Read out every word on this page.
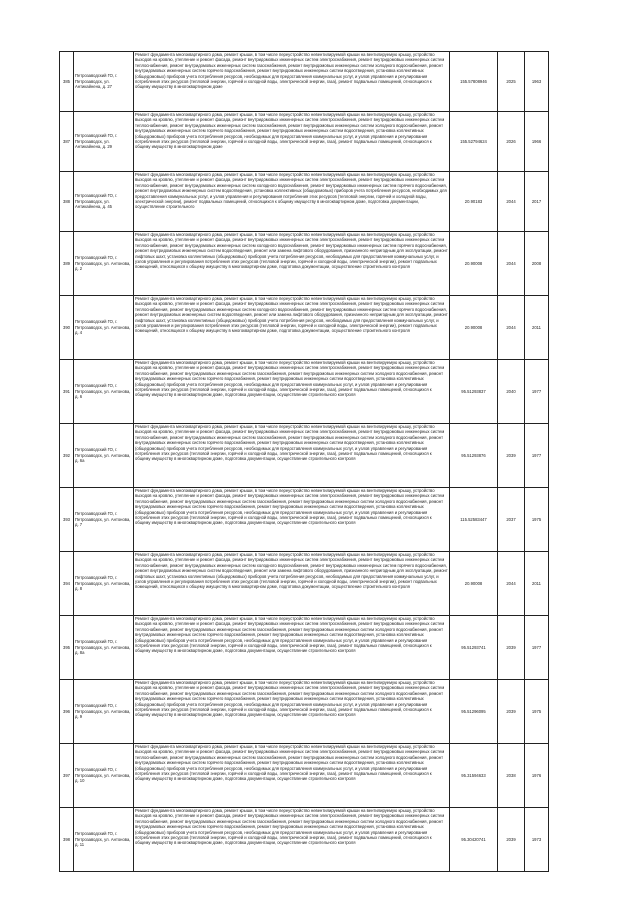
385	Петрозаводский ГО, г. Петрозаводск, ул. Антикайнена, д. 27	Ремонт фундамента многоквартирного дома, ремонт крыши, в том числе переустройство невентилируемой крыши на вентилируемую крышу, устройство выходов на кровлю, утепление и ремонт фасада, ремонт внутридомовых инженерных систем электроснабжения, ремонт внутридомовых инженерных систем теплоснабжения, ремонт внутридомовых инженерных систем газоснабжения, ремонт внутридомовых инженерных систем холодного водоснабжения, ремонт внутридомовых инженерных систем горячего водоснабжения, ремонт внутридомовых инженерных систем водоотведения, установка коллективных (общедомовых) приборов учета потребления ресурсов, необходимых для предоставления коммунальных услуг, и узлов управления и регулирования потребления этих ресурсов (тепловой энергии, горячей и холодной воды, электрической энергии, газа), ремонт подвальных помещений, относящихся к общему имуществу в многоквартирном доме	155.57808946	2025	1963
387	Петрозаводский ГО, г. Петрозаводск, ул. Антикайнена, д. 29	Ремонт фундамента многоквартирного дома, ремонт крыши, в том числе переустройство невентилируемой крыши на вентилируемую крышу, устройство выходов на кровлю, утепление и ремонт фасада, ремонт внутридомовых инженерных систем электроснабжения, ремонт внутридомовых инженерных систем теплоснабжения, ремонт внутридомовых инженерных систем газоснабжения, ремонт внутридомовых инженерных систем холодного водоснабжения, ремонт внутридомовых инженерных систем горячего водоснабжения, ремонт внутридомовых инженерных систем водоотведения, установка коллективных (общедомовых) приборов учета потребления ресурсов, необходимых для предоставления коммунальных услуг, и узлов управления и регулирования потребления этих ресурсов (тепловой энергии, горячей и холодной воды, электрической энергии, газа), ремонт подвальных помещений, относящихся к общему имуществу в многоквартирном доме	155.52794624	2026	1966
388	Петрозаводский ГО, г. Петрозаводск, ул. Антикайнена, д. 45	Ремонт фундамента многоквартирного дома, ремонт крыши, в том числе переустройство невентилируемой крыши на вентилируемую крышу, устройство выходов на кровлю, утепление и ремонт фасада, ремонт внутридомовых инженерных систем электроснабжения, ремонт внутридомовых инженерных систем теплоснабжения, ремонт внутридомовых инженерных систем холодного водоснабжения, ремонт внутридомовых инженерных систем горячего водоснабжения, ремонт внутридомовых инженерных систем водоотведения, установка коллективных (общедомовых) приборов учета потребления ресурсов, необходимых для предоставления коммунальных услуг, и узлов управления и регулирования потребления этих ресурсов (тепловой энергии, горячей и холодной воды, электрической энергии), ремонт подвальных помещений, относящихся к общему имуществу в многоквартирном доме, подготовка документации, осуществление строительного	20.90183	2044	2017
389	Петрозаводский ГО, г. Петрозаводск, ул. Антонова, д. 2	Ремонт фундамента многоквартирного дома, ремонт крыши, в том числе переустройство невентилируемой крыши на вентилируемую крышу, устройство выходов на кровлю, утепление и ремонт фасада, ремонт внутридомовых инженерных систем электроснабжения, ремонт внутридомовых инженерных систем теплоснабжения, ремонт внутридомовых инженерных систем холодного водоснабжения, ремонт внутридомовых инженерных систем горячего водоснабжения, ремонт внутридомовых инженерных систем водоотведения, ремонт или замена лифтового оборудования, признанного непригодным для эксплуатации, ремонт лифтовых шахт, установка коллективных (общедомовых) приборов учета потребления ресурсов, необходимых для предоставления коммунальных услуг, и узлов управления и регулирования потребления этих ресурсов (тепловой энергии, горячей и холодной воды, электрической энергии), ремонт подвальных помещений, относящихся к общему имуществу в многоквартирном доме, подготовка документации, осуществление строительного контроля	20.90008	2044	2008
390	Петрозаводский ГО, г. Петрозаводск, ул. Антонова, д. 4	Ремонт фундамента многоквартирного дома, ремонт крыши, в том числе переустройство невентилируемой крыши на вентилируемую крышу, устройство выходов на кровлю, утепление и ремонт фасада, ремонт внутридомовых инженерных систем электроснабжения, ремонт внутридомовых инженерных систем теплоснабжения, ремонт внутридомовых инженерных систем холодного водоснабжения, ремонт внутридомовых инженерных систем горячего водоснабжения, ремонт внутридомовых инженерных систем водоотведения, ремонт или замена лифтового оборудования, признанного непригодным для эксплуатации, ремонт лифтовых шахт, установка коллективных (общедомовых) приборов учета потребления ресурсов, необходимых для предоставления коммунальных услуг, и узлов управления и регулирования потребления этих ресурсов (тепловой энергии, горячей и холодной воды, электрической энергии), ремонт подвальных помещений, относящихся к общему имуществу в многоквартирном доме, подготовка документации, осуществление строительного контроля	20.90008	2044	2011
391	Петрозаводский ГО, г. Петрозаводск, ул. Антонова, д. 6	Ремонт фундамента многоквартирного дома, ремонт крыши, в том числе переустройство невентилируемой крыши на вентилируемую крышу, устройство выходов на кровлю, утепление и ремонт фасада, ремонт внутридомовых инженерных систем электроснабжения, ремонт внутридомовых инженерных систем теплоснабжения, ремонт внутридомовых инженерных систем газоснабжения, ремонт внутридомовых инженерных систем холодного водоснабжения, ремонт внутридомовых инженерных систем горячего водоснабжения, ремонт внутридомовых инженерных систем водоотведения, установка коллективных (общедомовых) приборов учета потребления ресурсов, необходимых для предоставления коммунальных услуг, и узлов управления и регулирования потребления этих ресурсов (тепловой энергии, горячей и холодной воды, электрической энергии, газа), ремонт подвальных помещений, относящихся к общему имуществу в многоквартирном доме, подготовка документации, осуществление строительного контроля	95.51293837	2040	1977
392	Петрозаводский ГО, г. Петрозаводск, ул. Антонова, д. 6а	Ремонт фундамента многоквартирного дома, ремонт крыши, в том числе переустройство невентилируемой крыши на вентилируемую крышу, устройство выходов на кровлю, утепление и ремонт фасада, ремонт внутридомовых инженерных систем электроснабжения, ремонт внутридомовых инженерных систем теплоснабжения, ремонт внутридомовых инженерных систем газоснабжения, ремонт внутридомовых инженерных систем холодного водоснабжения, ремонт внутридомовых инженерных систем горячего водоснабжения, ремонт внутридомовых инженерных систем водоотведения, установка коллективных (общедомовых) приборов учета потребления ресурсов, необходимых для предоставления коммунальных услуг, и узлов управления и регулирования потребления этих ресурсов (тепловой энергии, горячей и холодной воды, электрической энергии, газа), ремонт подвальных помещений, относящихся к общему имуществу в многоквартирном доме, подготовка документации, осуществление строительного контроля	95.51293876	2039	1977
393	Петрозаводский ГО, г. Петрозаводск, ул. Антонова, д. 7	Ремонт фундамента многоквартирного дома, ремонт крыши, в том числе переустройство невентилируемой крыши на вентилируемую крышу, устройство выходов на кровлю, утепление и ремонт фасада, ремонт внутридомовых инженерных систем электроснабжения, ремонт внутридомовых инженерных систем теплоснабжения, ремонт внутридомовых инженерных систем газоснабжения, ремонт внутридомовых инженерных систем холодного водоснабжения, ремонт внутридомовых инженерных систем горячего водоснабжения, ремонт внутридомовых инженерных систем водоотведения, установка коллективных (общедомовых) приборов учета потребления ресурсов, необходимых для предоставления коммунальных услуг, и узлов управления и регулирования потребления этих ресурсов (тепловой энергии, горячей и холодной воды, электрической энергии, газа), ремонт подвальных помещений, относящихся к общему имуществу в многоквартирном доме, подготовка документации, осуществление строительного контроля	115.52583447	2037	1975
394	Петрозаводский ГО, г. Петрозаводск, ул. Антонова, д. 8	Ремонт фундамента многоквартирного дома, ремонт крыши, в том числе переустройство невентилируемой крыши на вентилируемую крышу, устройство выходов на кровлю, утепление и ремонт фасада, ремонт внутридомовых инженерных систем электроснабжения, ремонт внутридомовых инженерных систем теплоснабжения, ремонт внутридомовых инженерных систем холодного водоснабжения, ремонт внутридомовых инженерных систем горячего водоснабжения, ремонт внутридомовых инженерных систем водоотведения, ремонт или замена лифтового оборудования, признанного непригодным для эксплуатации, ремонт лифтовых шахт, установка коллективных (общедомовых) приборов учета потребления ресурсов, необходимых для предоставления коммунальных услуг, и узлов управления и регулирования потребления этих ресурсов (тепловой энергии, горячей и холодной воды, электрической энергии), ремонт подвальных помещений, относящихся к общему имуществу в многоквартирном доме, подготовка документации, осуществление строительного контроля	20.90008	2044	2011
395	Петрозаводский ГО, г. Петрозаводск, ул. Антонова, д. 8а	Ремонт фундамента многоквартирного дома, ремонт крыши, в том числе переустройство невентилируемой крыши на вентилируемую крышу, устройство выходов на кровлю, утепление и ремонт фасада, ремонт внутридомовых инженерных систем электроснабжения, ремонт внутридомовых инженерных систем теплоснабжения, ремонт внутридомовых инженерных систем газоснабжения, ремонт внутридомовых инженерных систем холодного водоснабжения, ремонт внутридомовых инженерных систем горячего водоснабжения, ремонт внутридомовых инженерных систем водоотведения, установка коллективных (общедомовых) приборов учета потребления ресурсов, необходимых для предоставления коммунальных услуг, и узлов управления и регулирования потребления этих ресурсов (тепловой энергии, горячей и холодной воды, электрической энергии, газа), ремонт подвальных помещений, относящихся к общему имуществу в многоквартирном доме, подготовка документации, осуществление строительного контроля	95.51293741	2039	1977
396	Петрозаводский ГО, г. Петрозаводск, ул. Антонова, д. 9	Ремонт фундамента многоквартирного дома, ремонт крыши, в том числе переустройство невентилируемой крыши на вентилируемую крышу, устройство выходов на кровлю, утепление и ремонт фасада, ремонт внутридомовых инженерных систем электроснабжения, ремонт внутридомовых инженерных систем теплоснабжения, ремонт внутридомовых инженерных систем газоснабжения, ремонт внутридомовых инженерных систем холодного водоснабжения, ремонт внутридомовых инженерных систем горячего водоснабжения, ремонт внутридомовых инженерных систем водоотведения, установка коллективных (общедомовых) приборов учета потребления ресурсов, необходимых для предоставления коммунальных услуг, и узлов управления и регулирования потребления этих ресурсов (тепловой энергии, горячей и холодной воды, электрической энергии, газа), ремонт подвальных помещений, относящихся к общему имуществу в многоквартирном доме, подготовка документации, осуществление строительного контроля	95.51296095	2039	1975
397	Петрозаводский ГО, г. Петрозаводск, ул. Антонова, д. 10	Ремонт фундамента многоквартирного дома, ремонт крыши, в том числе переустройство невентилируемой крыши на вентилируемую крышу, устройство выходов на кровлю, утепление и ремонт фасада, ремонт внутридомовых инженерных систем электроснабжения, ремонт внутридомовых инженерных систем теплоснабжения, ремонт внутридомовых инженерных систем газоснабжения, ремонт внутридомовых инженерных систем холодного водоснабжения, ремонт внутридомовых инженерных систем горячего водоснабжения, ремонт внутридомовых инженерных систем водоотведения, установка коллективных (общедомовых) приборов учета потребления ресурсов, необходимых для предоставления коммунальных услуг, и узлов управления и регулирования потребления этих ресурсов (тепловой энергии, горячей и холодной воды, электрической энергии, газа), ремонт подвальных помещений, относящихся к общему имуществу в многоквартирном доме, подготовка документации, осуществление строительного контроля	95.31594633	2038	1976
398	Петрозаводский ГО, г. Петрозаводск, ул. Антонова, д. 11	Ремонт фундамента многоквартирного дома, ремонт крыши, в том числе переустройство невентилируемой крыши на вентилируемую крышу, устройство выходов на кровлю, утепление и ремонт фасада, ремонт внутридомовых инженерных систем электроснабжения, ремонт внутридомовых инженерных систем теплоснабжения, ремонт внутридомовых инженерных систем газоснабжения, ремонт внутридомовых инженерных систем холодного водоснабжения, ремонт внутридомовых инженерных систем горячего водоснабжения, ремонт внутридомовых инженерных систем водоотведения, установка коллективных (общедомовых) приборов учета потребления ресурсов, необходимых для предоставления коммунальных услуг, и узлов управления и регулирования потребления этих ресурсов (тепловой энергии, горячей и холодной воды, электрической энергии, газа), ремонт подвальных помещений, относящихся к общему имуществу в многоквартирном доме, подготовка документации, осуществление строительного контроля	95.30420741	2039	1973
